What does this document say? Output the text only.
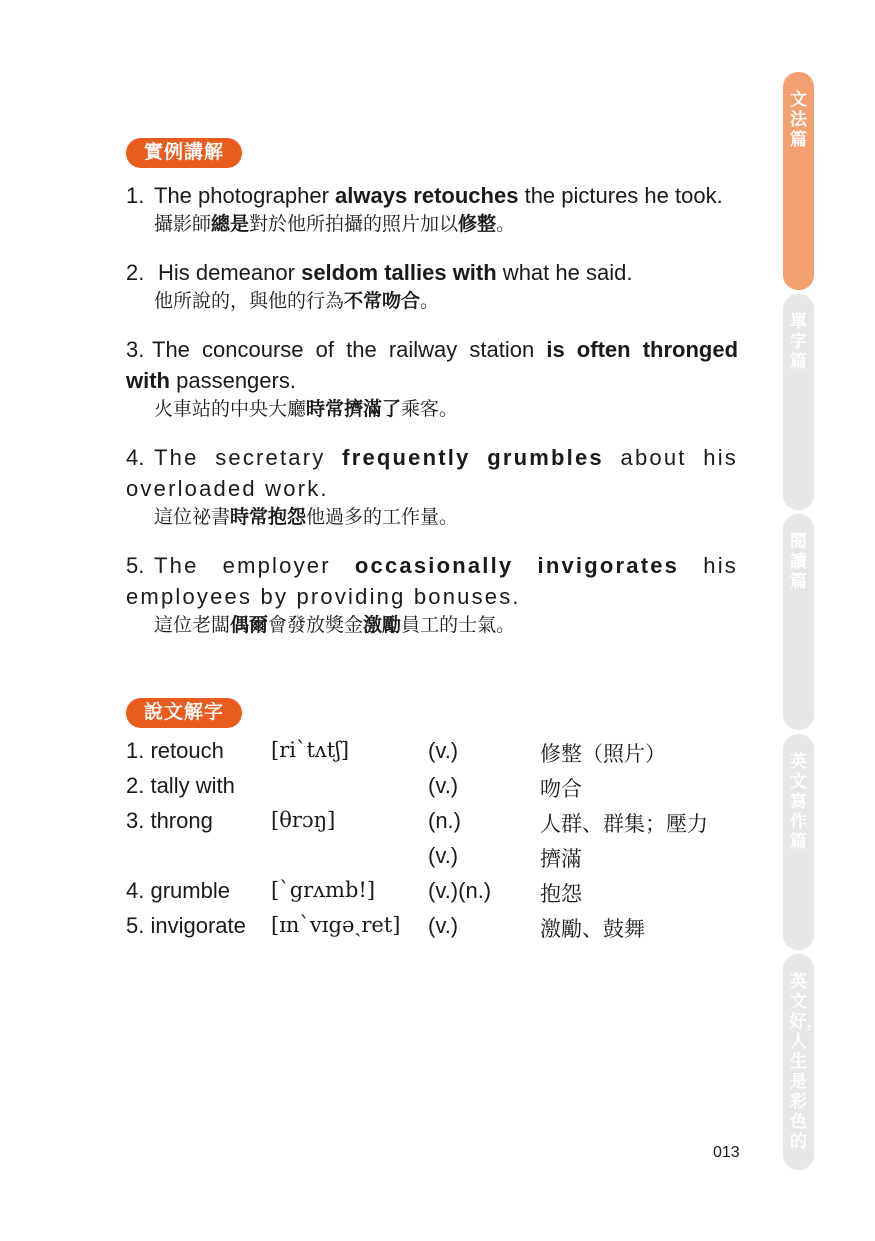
實例講解
1. The photographer always retouches the pictures he took.
攝影師總是對於他所拍攝的照片加以修整。
2. His demeanor seldom tallies with what he said.
他所說的，與他的行為不常吻合。
3. The concourse of the railway station is often thronged with passengers.
火車站的中央大廳時常擠滿了乘客。
4. The secretary frequently grumbles about his overloaded work.
這位祕書時常抱怨他過多的工作量。
5. The employer occasionally invigorates his employees by providing bonuses.
這位老闆偶爾會發放獎金激勵員工的士氣。
說文解字
1. retouch [ri`tʌtʃ]	(v.)	修整（照片）
2. tally with	(v.)	吻合
3. throng	[θrɔŋ]	(n.)	人群、群集；壓力
(v.)	擠滿
4. grumble [`grʌmb!] (v.)(n.) 抱怨
5. invigorate [ɪn`vɪgəˏret] (v.)	激勵、鼓舞
文法篇
單字篇
閱讀篇
英文寫作篇
英文好，人生是彩色的
013
